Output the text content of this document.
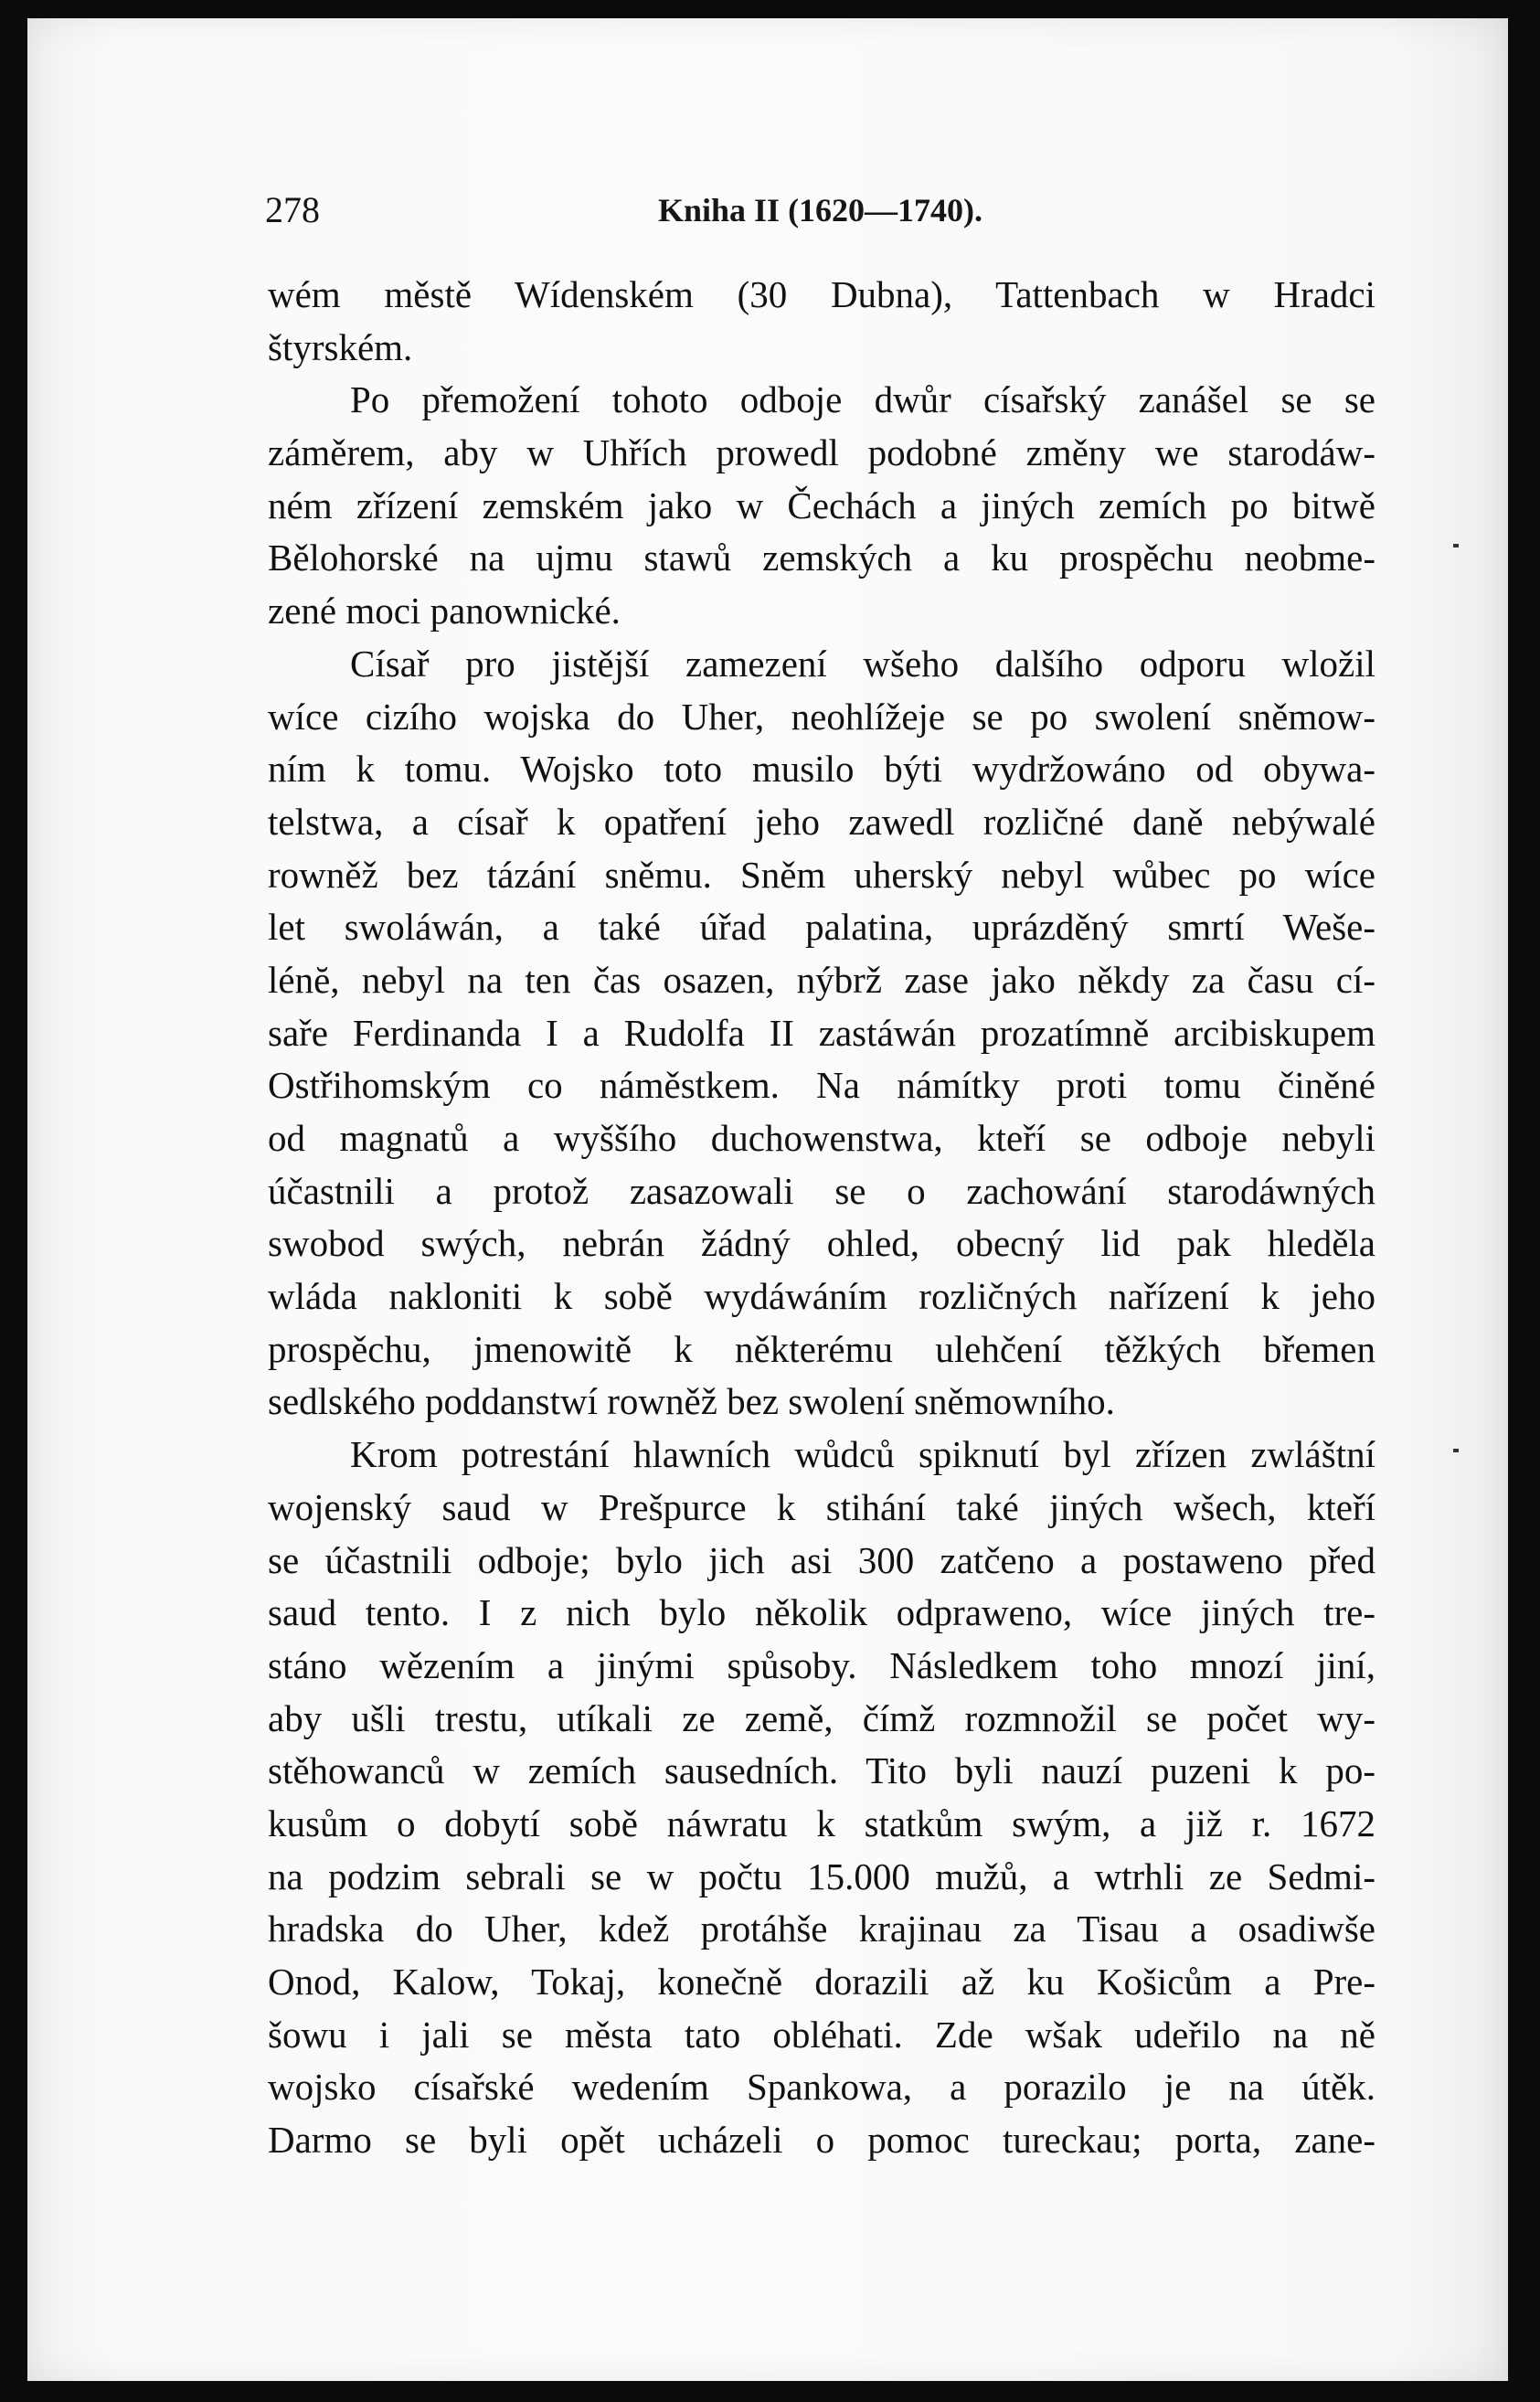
278	Kniha II (1620—1740).
wém městě Wídenském (30 Dubna), Tattenbach w Hradci
štyrském.
Po přemožení tohoto odboje dwůr císařský zanášel se se
záměrem, aby w Uhřích prowedl podobné změny we starodáw-
ném zřízení zemském jako w Čechách a jiných zemích po bitwě
Bělohorské na ujmu stawů zemských a ku prospěchu neobme-
zené moci panownické.
Císař pro jistější zamezení wšeho dalšího odporu wložil
wíce cizího wojska do Uher, neohlížeje se po swolení sněmow-
ním k tomu. Wojsko toto musilo býti wydržowáno od obywa-
telstwa, a císař k opatření jeho zawedl rozličné daně nebýwalé
rowněž bez tázání sněmu. Sněm uherský nebyl wůbec po wíce
let swoláwán, a také úřad palatina, uprázděný smrtí Weše-
lénĕ, nebyl na ten čas osazen, nýbrž zase jako někdy za času cí-
saře Ferdinanda I a Rudolfa II zastáwán prozatímně arcibiskupem
Ostřihomským co náměstkem. Na námítky proti tomu činěné
od magnatů a wyššího duchowenstwa, kteří se odboje nebyli
účastnili a protož zasazowali se o zachowání starodáwných
swobod swých, nebrán žádný ohled, obecný lid pak hleděla
wláda nakloniti k sobě wydáwáním rozličných nařízení k jeho
prospěchu, jmenowitě k některému ulehčení těžkých břemen
sedlského poddanstwí rowněž bez swolení sněmowního.
Krom potrestání hlawních wůdců spiknutí byl zřízen zwláštní
wojenský saud w Prešpurce k stihání také jiných wšech, kteří
se účastnili odboje; bylo jich asi 300 zatčeno a postaweno před
saud tento. I z nich bylo několik odprawenо, wíce jiných tre-
stáno wězením a jinými spůsoby. Následkem toho mnozí jiní,
aby ušli trestu, utíkali ze země, čímž rozmnožil se počet wy-
stěhowanců w zemích sausedních. Tito byli nauzí puzeni k po-
kusům o dobytí sobě náwratu k statkům swým, a již r. 1672
na podzim sebrali se w počtu 15.000 mužů, a wtrhli ze Sedmi-
hradska do Uher, kdež protáhše krajinau za Tisau a osadiwše
Onod, Kalow, Tokaj, konečně dorazili až ku Košicům a Pre-
šowu i jali se města tato obléhati. Zde wšak udeřilo na ně
wojsko císařské wedením Spankowa, a porazilo je na útěk.
Darmo se byli opět ucházeli o pomoc tureckau; porta, zane-
